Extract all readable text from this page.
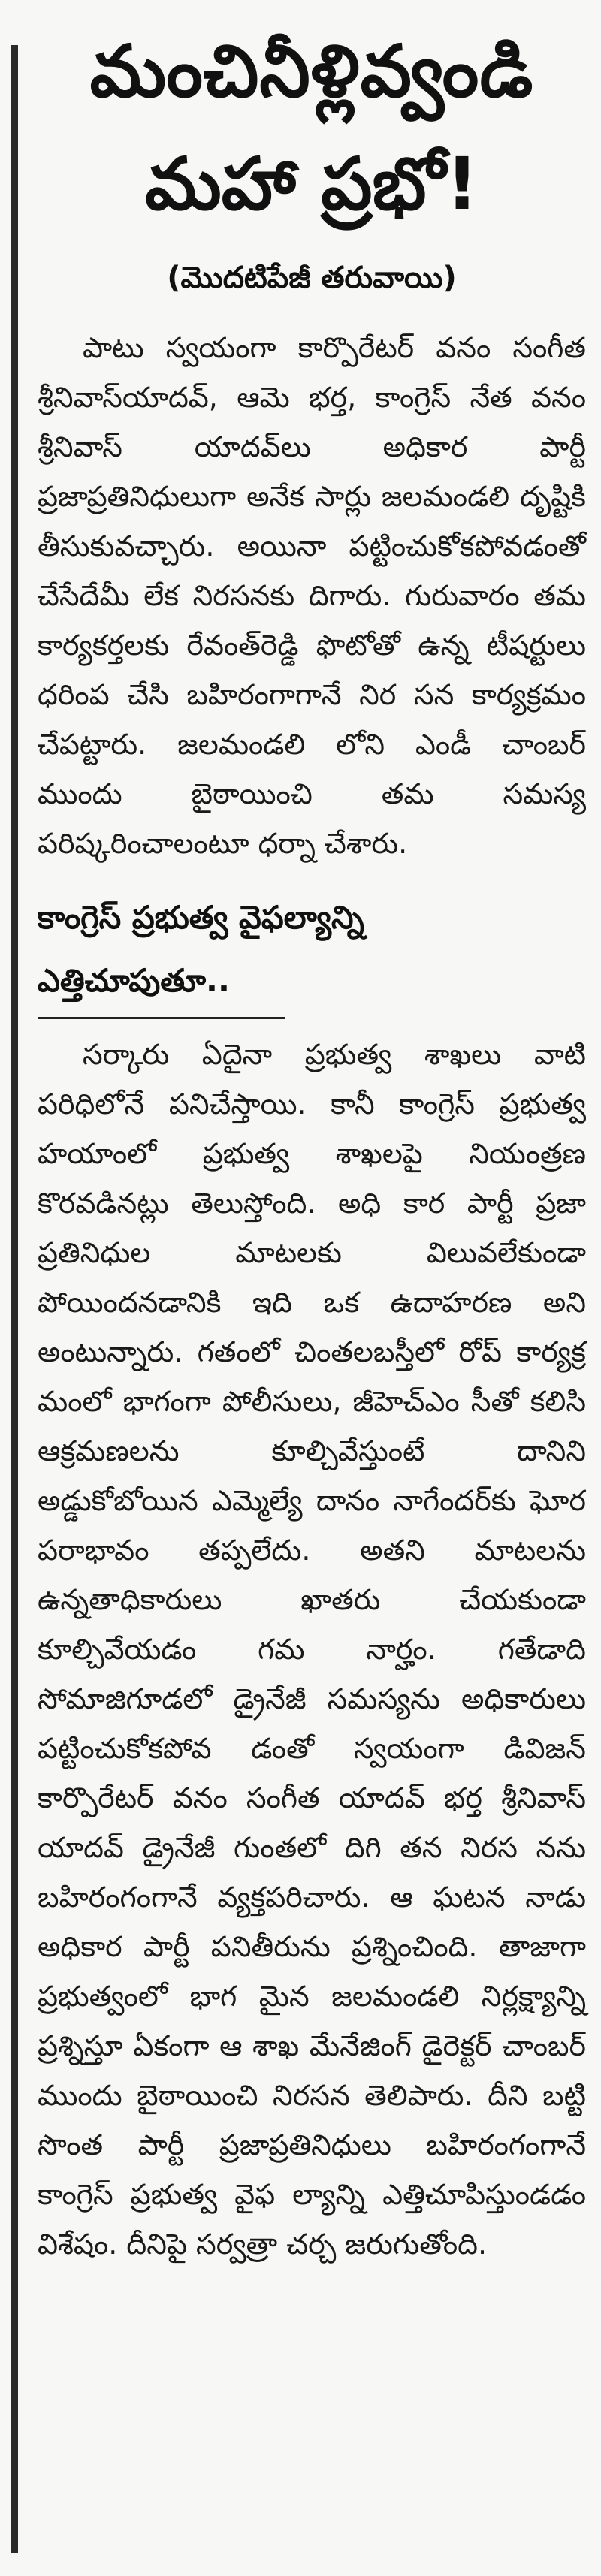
మంచినీళ్లివ్వండి
మహా ప్రభో!
(మొదటిపేజీ తరువాయి)

పాటు స్వయంగా కార్పొరేటర్ వనం సంగీత శ్రీనివాస్‌యాదవ్, ఆమె భర్త, కాంగ్రెస్ నేత వనం శ్రీనివాస్ యాదవ్‌లు అధికార పార్టీ ప్రజాప్రతినిధులుగా అనేక సార్లు జలమండలి దృష్టికి తీసుకువచ్చారు. అయినా పట్టించుకోకపోవడంతో చేసేదేమీ లేక నిరసనకు దిగారు. గురువారం తమ కార్యకర్తలకు రేవంత్‌రెడ్డి ఫొటోతో ఉన్న టీషర్టులు ధరింప చేసి బహిరంగాగానే నిర సన కార్యక్రమం చేపట్టారు. జలమండలి లోని ఎండీ చాంబర్ ముందు బైఠాయించి తమ సమస్య పరిష్కరించాలంటూ ధర్నా చేశారు.

కాంగ్రెస్ ప్రభుత్వ వైఫల్యాన్ని
ఎత్తిచూపుతూ..

సర్కారు ఏదైనా ప్రభుత్వ శాఖలు వాటి పరిధిలోనే పనిచేస్తాయి. కానీ కాంగ్రెస్ ప్రభుత్వ హయాంలో ప్రభుత్వ శాఖలపై నియంత్రణ కొరవడినట్లు తెలుస్తోంది. అధి కార పార్టీ ప్రజా ప్రతినిధుల మాటలకు విలువలేకుండా పోయిందనడానికి ఇది ఒక ఉదాహరణ అని అంటున్నారు. గతంలో చింతలబస్తీలో రోప్ కార్యక్ర మంలో భాగంగా పోలీసులు, జీహెచ్ఎం సీతో కలిసి ఆక్రమణలను కూల్చివేస్తుంటే దానిని అడ్డుకోబోయిన ఎమ్మెల్యే దానం నాగేందర్‌కు ఘోర పరాభావం తప్పలేదు. అతని మాటలను ఉన్నతాధికారులు ఖాతరు చేయకుండా కూల్చివేయడం గమ నార్హం. గతేడాది సోమాజిగూడలో డ్రైనేజీ సమస్యను అధికారులు పట్టించుకోకపోవ డంతో స్వయంగా డివిజన్ కార్పొరేటర్ వనం సంగీత యాదవ్ భర్త శ్రీనివాస్ యాదవ్ డ్రైనేజీ గుంతలో దిగి తన నిరస నను బహిరంగంగానే వ్యక్తపరిచారు. ఆ ఘటన నాడు అధికార పార్టీ పనితీరును ప్రశ్నించింది. తాజాగా ప్రభుత్వంలో భాగ మైన జలమండలి నిర్లక్ష్యాన్ని ప్రశ్నిస్తూ ఏకంగా ఆ శాఖ మేనేజింగ్ డైరెక్టర్ చాంబర్ ముందు బైఠాయించి నిరసన తెలిపారు. దీని బట్టి సొంత పార్టీ ప్రజాప్రతినిధులు బహిరంగంగానే కాంగ్రెస్ ప్రభుత్వ వైఫ ల్యాన్ని ఎత్తిచూపిస్తుండడం విశేషం. దీనిపై సర్వత్రా చర్చ జరుగుతోంది.
